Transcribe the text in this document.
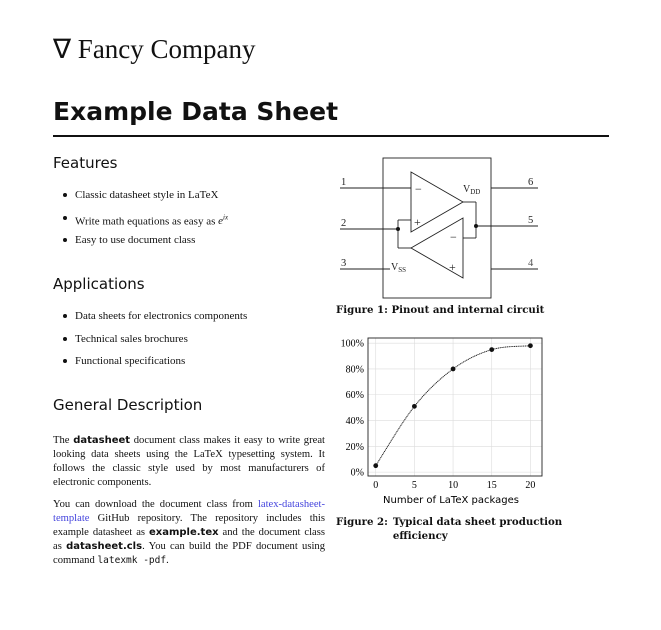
∇ Fancy Company
Example Data Sheet
Features
Classic datasheet style in LaTeX
Write math equations as easy as $e^{ix}$
Easy to use document class
Applications
Data sheets for electronics components
Technical sales brochures
Functional specifications
General Description
The datasheet document class makes it easy to write great looking data sheets using the LaTeX typesetting system. It follows the classic style used by most manufacturers of electronic components.
You can download the document class from latex-datasheet-template GitHub repository. The repository includes this example datasheet as example.tex and the document class as datasheet.cls. You can build the PDF document using command latexmk -pdf.
1
2
3
6
5
4
−
+
−
+
$V_{DD}$
$V_{SS}$
Figure 1: Pinout and internal circuit
0	5	10	15	20
0%
20%
40%
60%
80%
100%
Number of LaTeX packages
Figure 2: Typical data sheet production efficiency
